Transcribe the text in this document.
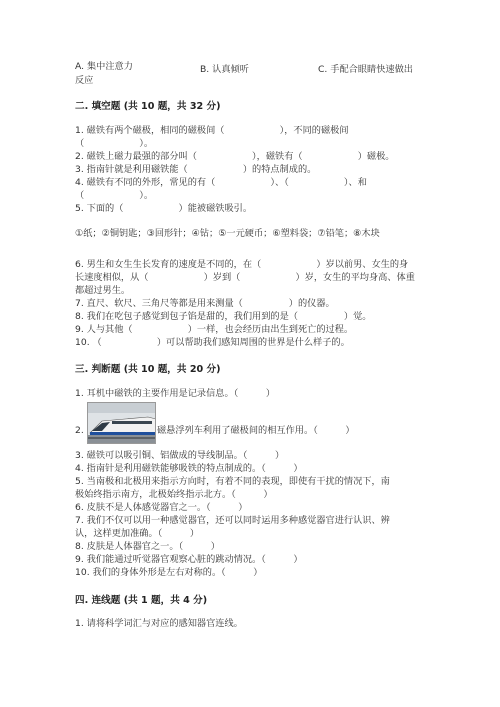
A. 集中注意力	B. 认真倾听	C. 手配合眼睛快速做出
反应
二. 填空题 (共 10 题，共 32 分)
1. 磁铁有两个磁极，相同的磁极间（　　　　　　），不同的磁极间
（　　　　　　）。
2. 磁铁上磁力最强的部分叫（　　　　　　），磁铁有（　　　　　　）磁极。
3. 指南针就是利用磁铁能（　　　　　　）的特点制成的。
4. 磁铁有不同的外形，常见的有（　　　　　　）、（　　　　　　）、和
（　　　　　　）。
5. 下面的（　　　　　　）能被磁铁吸引。
①纸；②铜钥匙；③回形针；④钻；⑤一元硬币；⑥塑料袋；⑦铅笔；⑧木块
6. 男生和女生生长发育的速度是不同的，在（　　　　　　）岁以前男、女生的身
长速度相似，从（　　　　　　）岁到（　　　　　　）岁，女生的平均身高、体重
都超过男生。
7. 直尺、软尺、三角尺等都是用来测量（　　　　　）的仪器。
8. 我们在吃包子感觉到包子馅是甜的，我们用到的是（　　　　　）觉。
9. 人与其他（　　　　　　）一样，也会经历由出生到死亡的过程。
10. （　　　　　　）可以帮助我们感知周围的世界是什么样子的。
三. 判断题 (共 10 题，共 20 分)
1. 耳机中磁铁的主要作用是记录信息。（　　　）
2.	磁悬浮列车利用了磁极间的相互作用。（　　　）
3. 磁铁可以吸引铜、铝做成的导线制品。（　　　）
4. 指南针是利用磁铁能够吸铁的特点制成的。（　　　）
5. 当南极和北极用来指示方向时，有着不同的表现，即使有干扰的情况下，南
极始终指示南方，北极始终指示北方。（　　　）
6. 皮肤不是人体感觉器官之一。（　　　）
7. 我们不仅可以用一种感觉器官，还可以同时运用多种感觉器官进行认识、辨
认，这样更加准确。（　　　）
8. 皮肤是人体器官之一。（　　　）
9. 我们能通过听觉器官观察心脏的跳动情况。（　　　）
10. 我们的身体外形是左右对称的。（　　　）
四. 连线题 (共 1 题，共 4 分)
1. 请将科学词汇与对应的感知器官连线。
